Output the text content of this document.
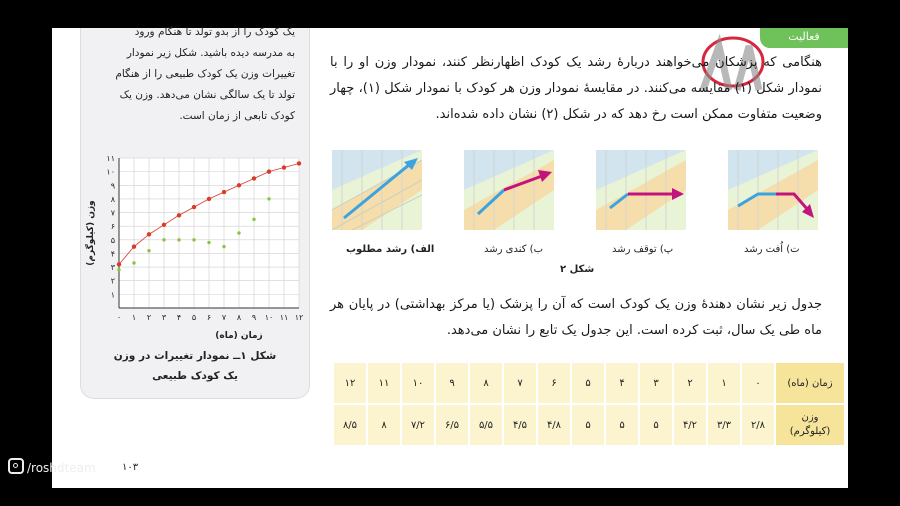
فعالیت
یک کودک را از بدو تولد تا هنگام ورود
به مدرسه دیده باشید. شکل زیر نمودار
تغییرات وزن یک کودک طبیعی را از هنگام
تولد تا یک سالگی نشان می‌دهد. وزن یک
کودک تابعی از زمان است.
۰ ۱ ۲ ۳ ۴ ۵ ۶ ۷ ۸ ۹ ۱۰ ۱۱ ۱۲
۱
۲
۳
۴
۵
۶
۷
۸
۹
۱۰
۱۱
زمان (ماه)
وزن (کیلوگرم)
شکل ۱ــ نمودار تغییرات در وزن
یک کودک طبیعی
هنگامی که پزشکان می‌خواهند دربارهٔ رشد یک کودک اظهارنظر کنند، نمودار وزن او را با نمودار شکل (۱) مقایسه می‌کنند. در مقایسهٔ نمودار وزن هر کودک با نمودار شکل (۱)، چهار وضعیت متفاوت ممکن است رخ دهد که در شکل (۲) نشان داده شده‌اند.
الف) رشد مطلوب	ب) کندی رشد	پ) توقف رشد	ت) اُفت رشد
شکل ۲
جدول زیر نشان دهندهٔ وزن یک کودک است که آن را پزشک (یا مرکز بهداشتی) در پایان هر ماه طی یک سال، ثبت کرده است. این جدول یک تابع را نشان می‌دهد.
زمان (ماه)	۰	۱	۲	۳	۴	۵	۶	۷	۸	۹	۱۰	۱۱	۱۲

وزن
(کیلوگرم)	۲/۸	۳/۳	۴/۲	۵	۵	۵	۴/۸	۴/۵	۵/۵	۶/۵	۷/۲	۸	۸/۵
۱۰۳
/roshdteam
